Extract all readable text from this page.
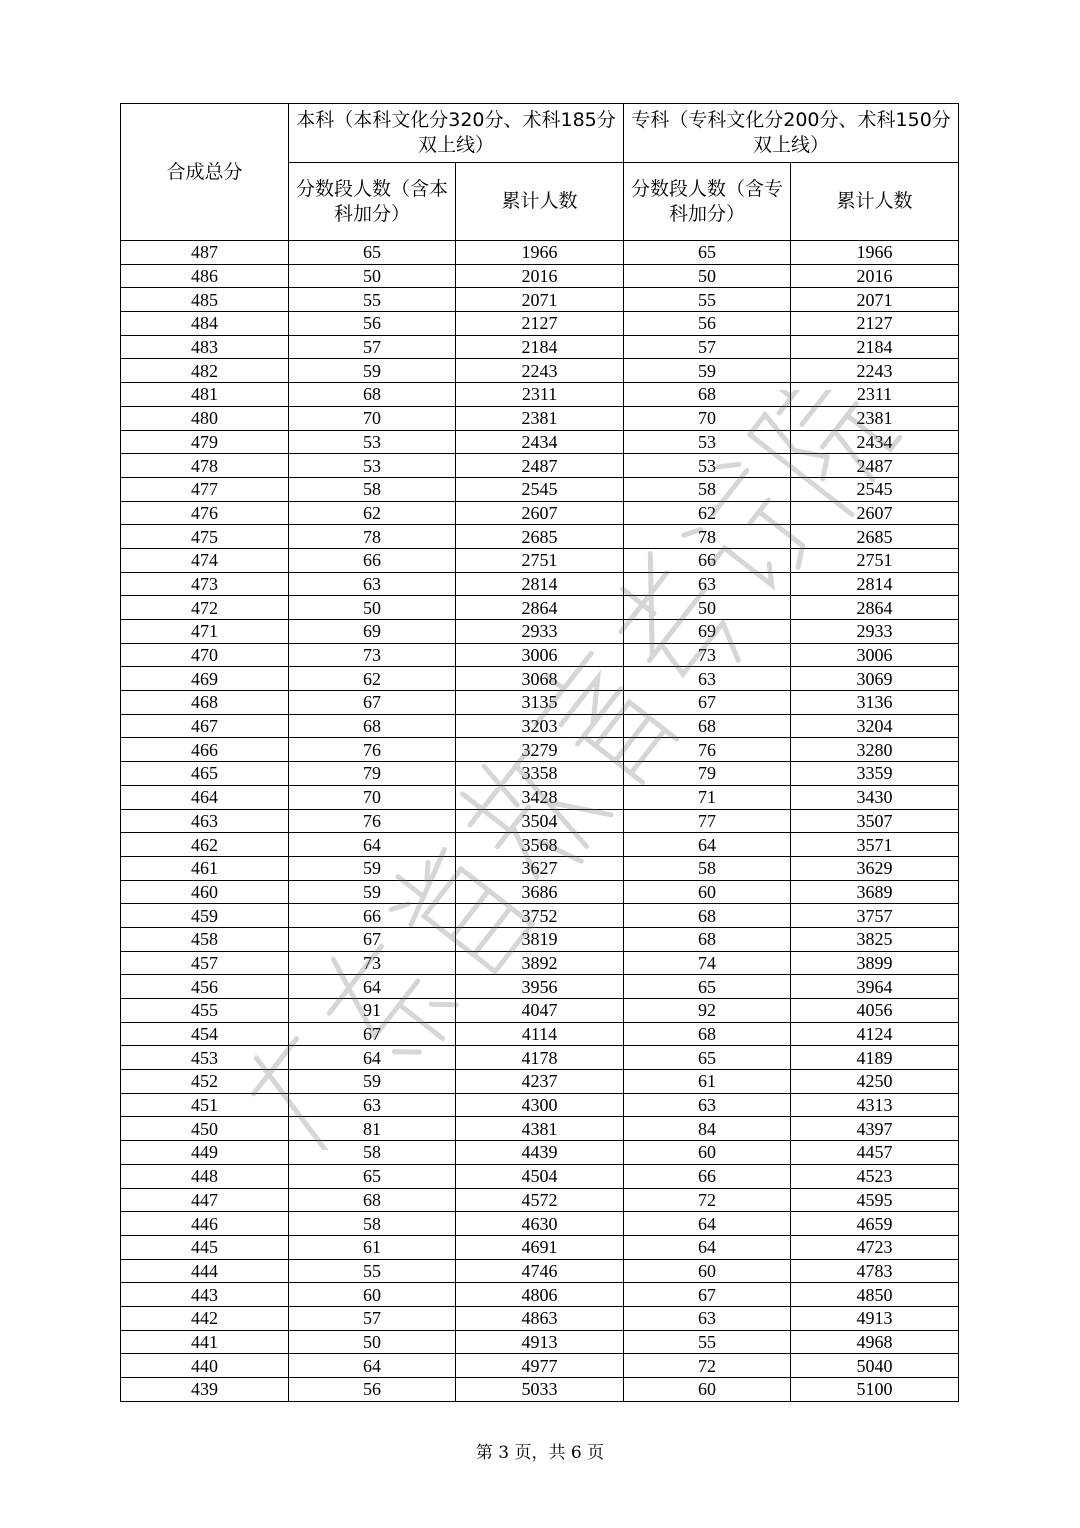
合成总分	本科（本科文化分320分、术科185分双上线）		专科（专科文化分200分、术科150分双上线）	
	分数段人数（含本科加分）	累计人数	分数段人数（含专科加分）	累计人数
487	65	1966	65	1966
486	50	2016	50	2016
485	55	2071	55	2071
484	56	2127	56	2127
483	57	2184	57	2184
482	59	2243	59	2243
481	68	2311	68	2311
480	70	2381	70	2381
479	53	2434	53	2434
478	53	2487	53	2487
477	58	2545	58	2545
476	62	2607	62	2607
475	78	2685	78	2685
474	66	2751	66	2751
473	63	2814	63	2814
472	50	2864	50	2864
471	69	2933	69	2933
470	73	3006	73	3006
469	62	3068	63	3069
468	67	3135	67	3136
467	68	3203	68	3204
466	76	3279	76	3280
465	79	3358	79	3359
464	70	3428	71	3430
463	76	3504	77	3507
462	64	3568	64	3571
461	59	3627	58	3629
460	59	3686	60	3689
459	66	3752	68	3757
458	67	3819	68	3825
457	73	3892	74	3899
456	64	3956	65	3964
455	91	4047	92	4056
454	67	4114	68	4124
453	64	4178	65	4189
452	59	4237	61	4250
451	63	4300	63	4313
450	81	4381	84	4397
449	58	4439	60	4457
448	65	4504	66	4523
447	68	4572	72	4595
446	58	4630	64	4659
445	61	4691	64	4723
444	55	4746	60	4783
443	60	4806	67	4850
442	57	4863	63	4913
441	50	4913	55	4968
440	64	4977	72	5040
439	56	5033	60	5100
第 3 页，共 6 页
